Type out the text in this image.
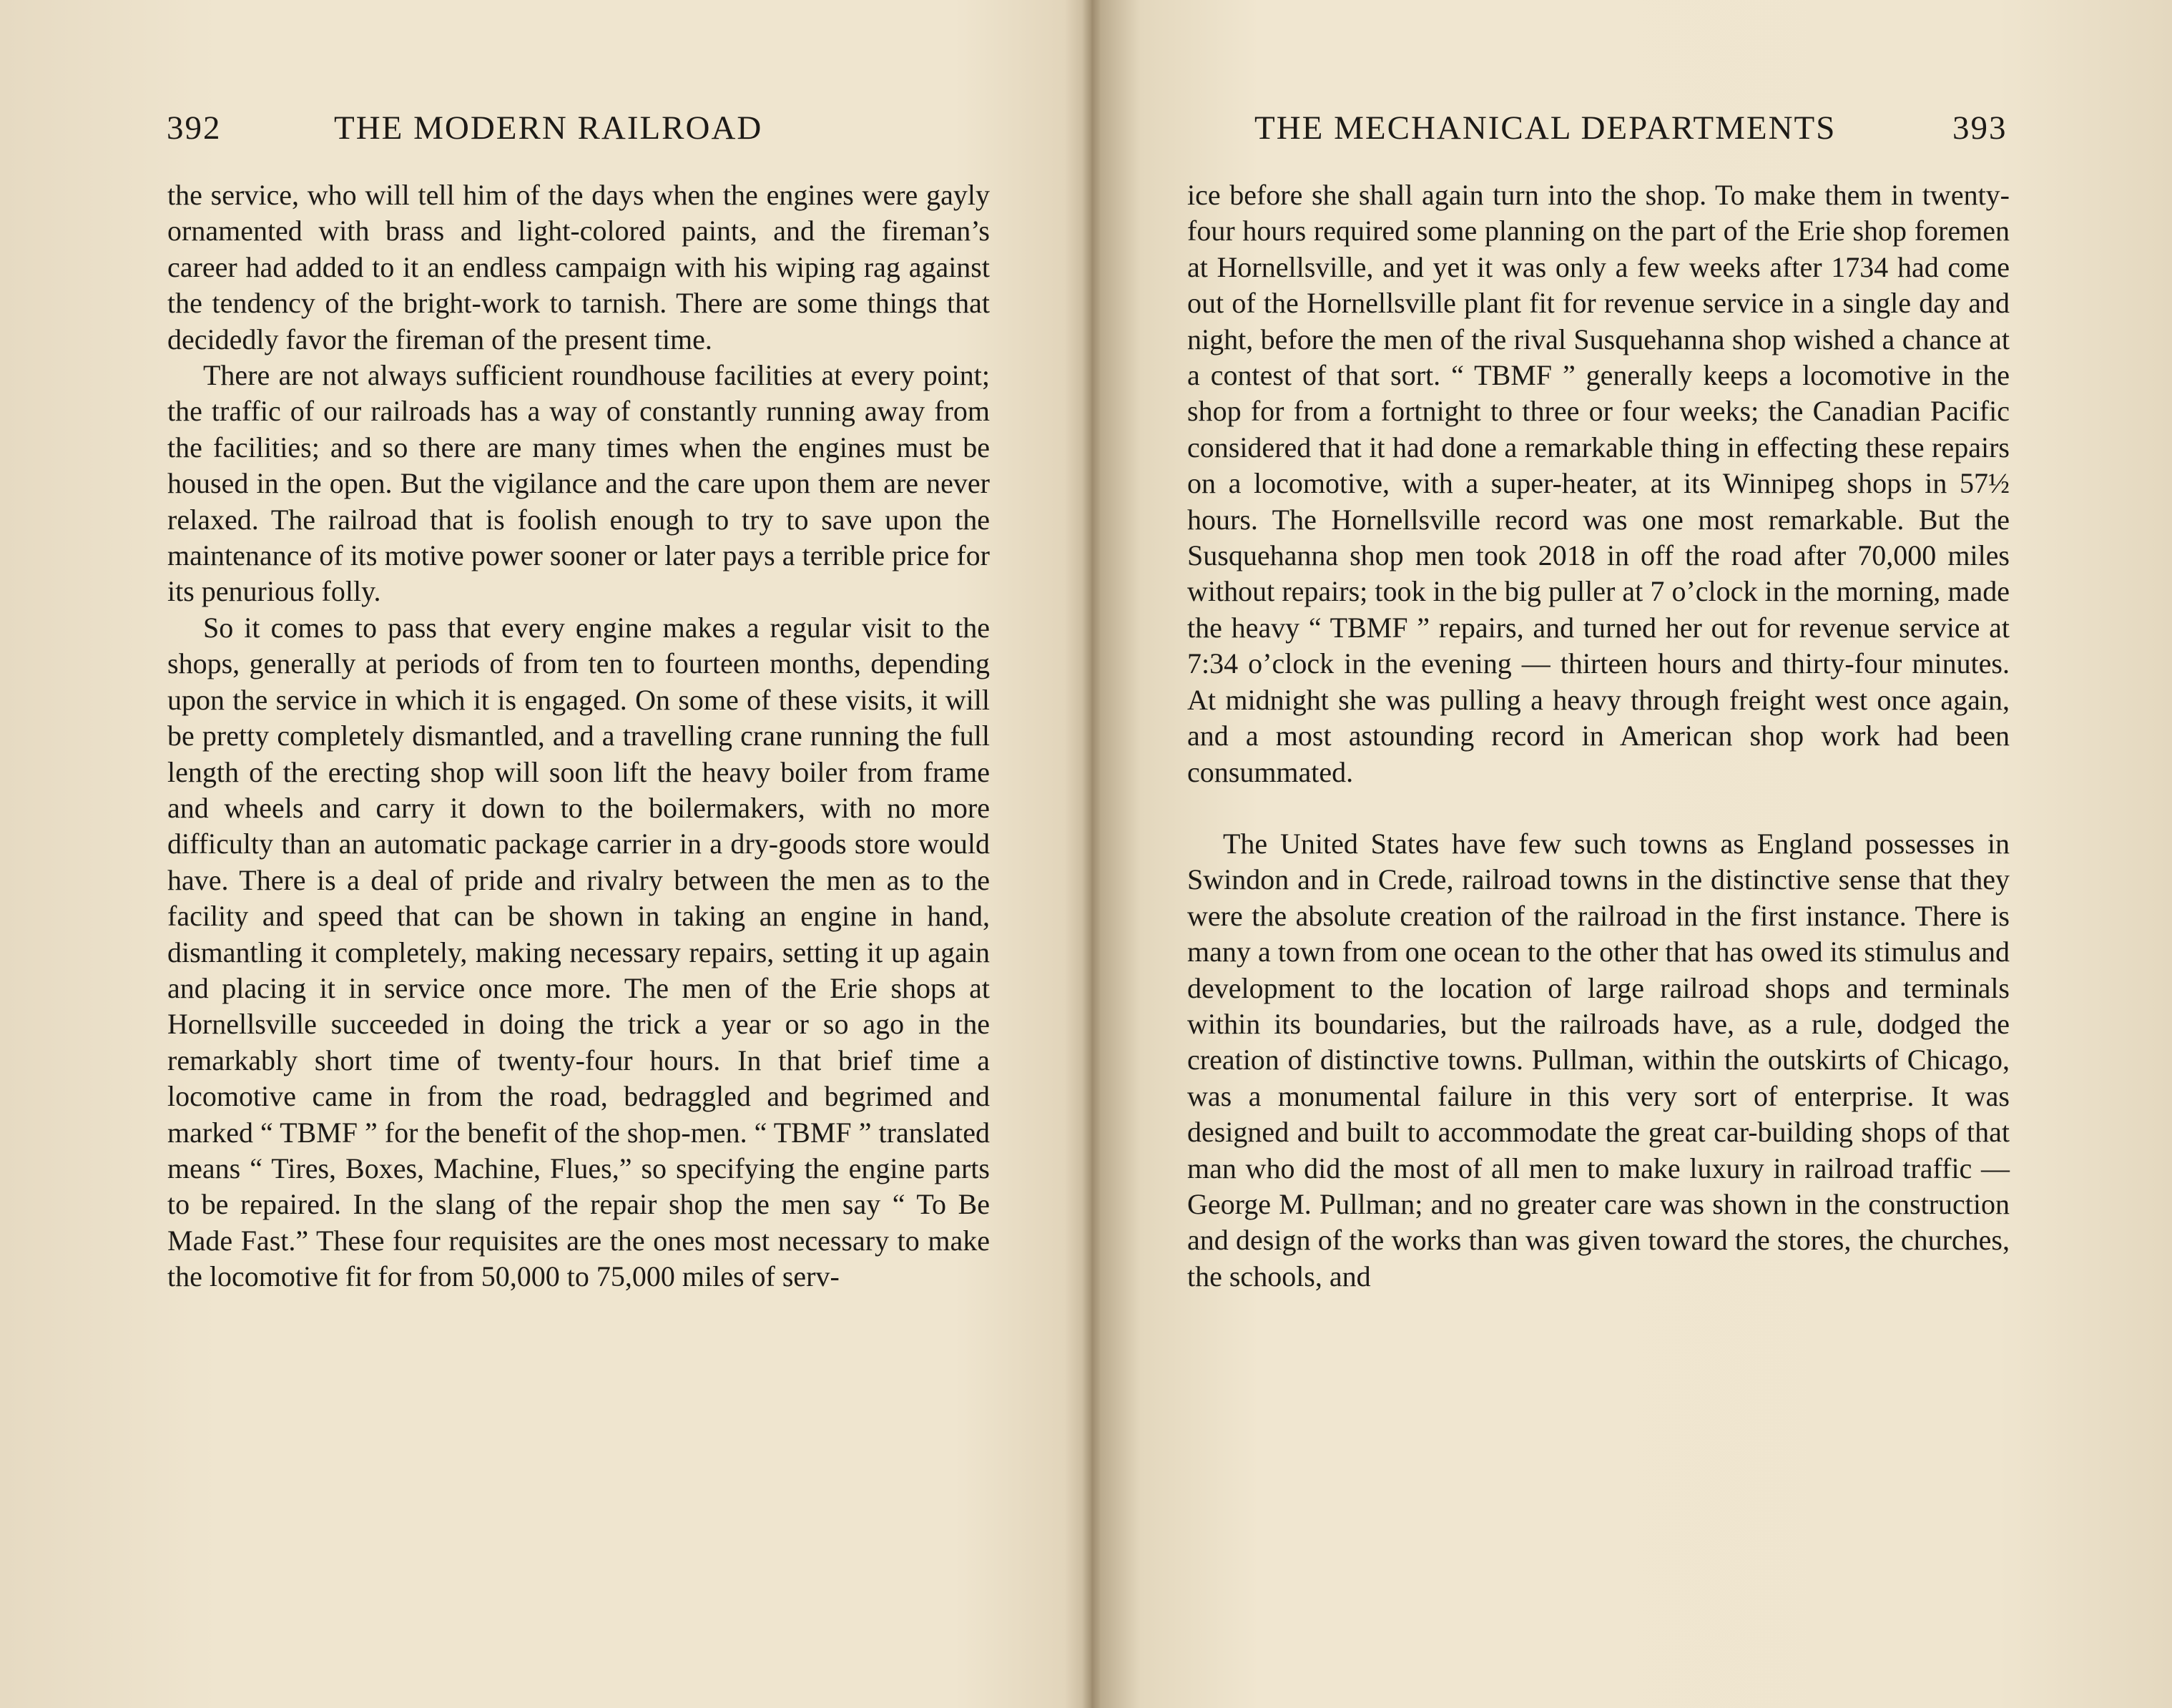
392	THE MODERN RAILROAD

the service, who will tell him of the days when the engines were gayly ornamented with brass and light-colored paints, and the fireman’s career had added to it an endless campaign with his wiping rag against the tendency of the bright-work to tarnish. There are some things that decidedly favor the fireman of the present time.

There are not always sufficient roundhouse facilities at every point; the traffic of our railroads has a way of constantly running away from the facilities; and so there are many times when the engines must be housed in the open. But the vigilance and the care upon them are never relaxed. The railroad that is foolish enough to try to save upon the maintenance of its motive power sooner or later pays a terrible price for its penurious folly.

So it comes to pass that every engine makes a regular visit to the shops, generally at periods of from ten to fourteen months, depending upon the service in which it is engaged. On some of these visits, it will be pretty completely dismantled, and a travelling crane running the full length of the erecting shop will soon lift the heavy boiler from frame and wheels and carry it down to the boilermakers, with no more difficulty than an automatic package carrier in a dry-goods store would have. There is a deal of pride and rivalry between the men as to the facility and speed that can be shown in taking an engine in hand, dismantling it completely, making necessary repairs, setting it up again and placing it in service once more. The men of the Erie shops at Hornellsville succeeded in doing the trick a year or so ago in the remarkably short time of twenty-four hours. In that brief time a locomotive came in from the road, bedraggled and begrimed and marked “ TBMF ” for the benefit of the shop-men. “ TBMF ” translated means “ Tires, Boxes, Machine, Flues,” so specifying the engine parts to be repaired. In the slang of the repair shop the men say “ To Be Made Fast.” These four requisites are the ones most necessary to make the locomotive fit for from 50,000 to 75,000 miles of serv-

THE MECHANICAL DEPARTMENTS	393

ice before she shall again turn into the shop. To make them in twenty-four hours required some planning on the part of the Erie shop foremen at Hornellsville, and yet it was only a few weeks after 1734 had come out of the Hornellsville plant fit for revenue service in a single day and night, before the men of the rival Susquehanna shop wished a chance at a contest of that sort. “ TBMF ” generally keeps a locomotive in the shop for from a fortnight to three or four weeks; the Canadian Pacific considered that it had done a remarkable thing in effecting these repairs on a locomotive, with a super-heater, at its Winnipeg shops in 57½ hours. The Hornellsville record was one most remarkable. But the Susquehanna shop men took 2018 in off the road after 70,000 miles without repairs; took in the big puller at 7 o’clock in the morning, made the heavy “ TBMF ” repairs, and turned her out for revenue service at 7:34 o’clock in the evening — thirteen hours and thirty-four minutes. At midnight she was pulling a heavy through freight west once again, and a most astounding record in American shop work had been consummated.

The United States have few such towns as England possesses in Swindon and in Crede, railroad towns in the distinctive sense that they were the absolute creation of the railroad in the first instance. There is many a town from one ocean to the other that has owed its stimulus and development to the location of large railroad shops and terminals within its boundaries, but the railroads have, as a rule, dodged the creation of distinctive towns. Pullman, within the outskirts of Chicago, was a monumental failure in this very sort of enterprise. It was designed and built to accommodate the great car-building shops of that man who did the most of all men to make luxury in railroad traffic — George M. Pullman; and no greater care was shown in the construction and design of the works than was given toward the stores, the churches, the schools, and
